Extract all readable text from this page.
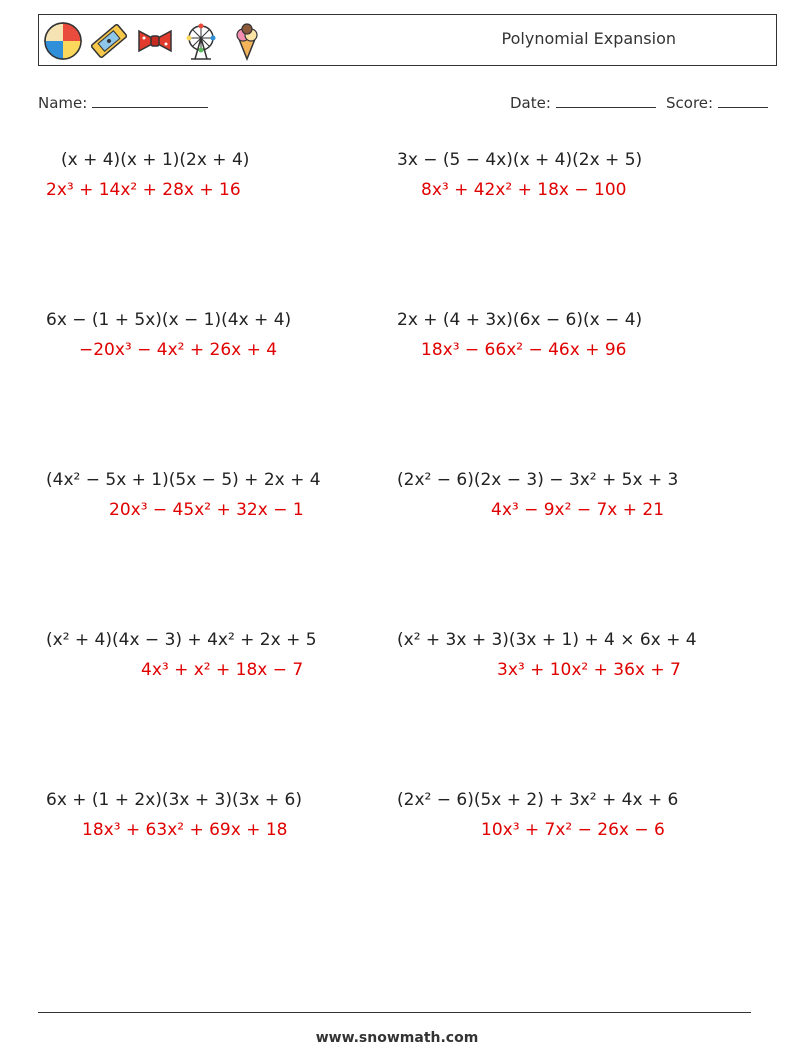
Polynomial Expansion
Name:	Date:	Score:
(x + 4)(x + 1)(2x + 4)
2x³ + 14x² + 28x + 16
3x − (5 − 4x)(x + 4)(2x + 5)
8x³ + 42x² + 18x − 100
6x − (1 + 5x)(x − 1)(4x + 4)
−20x³ − 4x² + 26x + 4
2x + (4 + 3x)(6x − 6)(x − 4)
18x³ − 66x² − 46x + 96
(4x² − 5x + 1)(5x − 5) + 2x + 4
20x³ − 45x² + 32x − 1
(2x² − 6)(2x − 3) − 3x² + 5x + 3
4x³ − 9x² − 7x + 21
(x² + 4)(4x − 3) + 4x² + 2x + 5
4x³ + x² + 18x − 7
(x² + 3x + 3)(3x + 1) + 4 × 6x + 4
3x³ + 10x² + 36x + 7
6x + (1 + 2x)(3x + 3)(3x + 6)
18x³ + 63x² + 69x + 18
(2x² − 6)(5x + 2) + 3x² + 4x + 6
10x³ + 7x² − 26x − 6
www.snowmath.com
